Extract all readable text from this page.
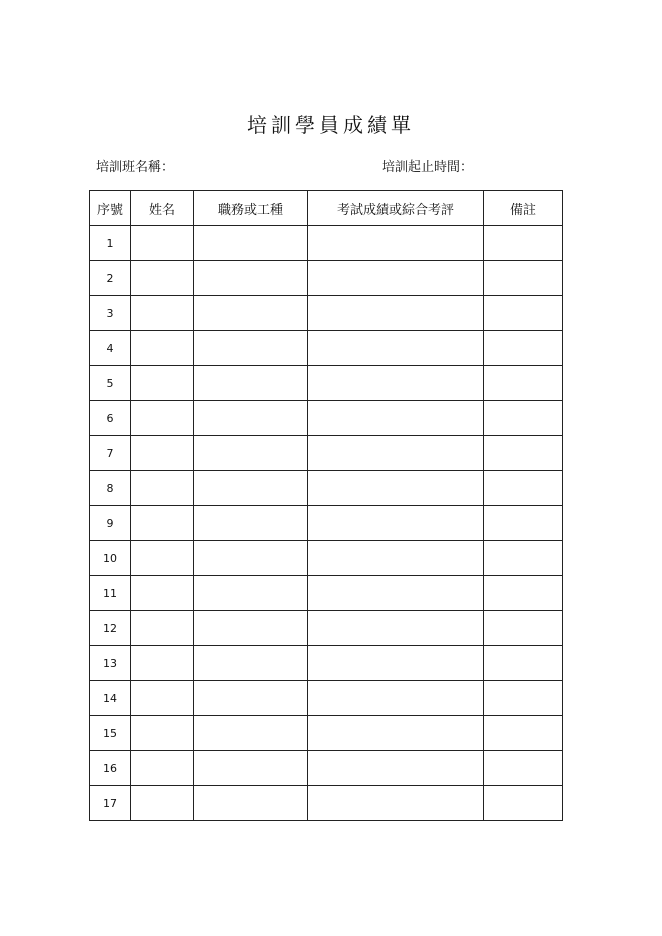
培訓學員成績單
培訓班名稱：	培訓起止時間：
序號	姓名	職務或工種	考試成績或綜合考評	備註
1				
2				
3				
4				
5				
6				
7				
8				
9				
10				
11				
12				
13				
14				
15				
16				
17				
